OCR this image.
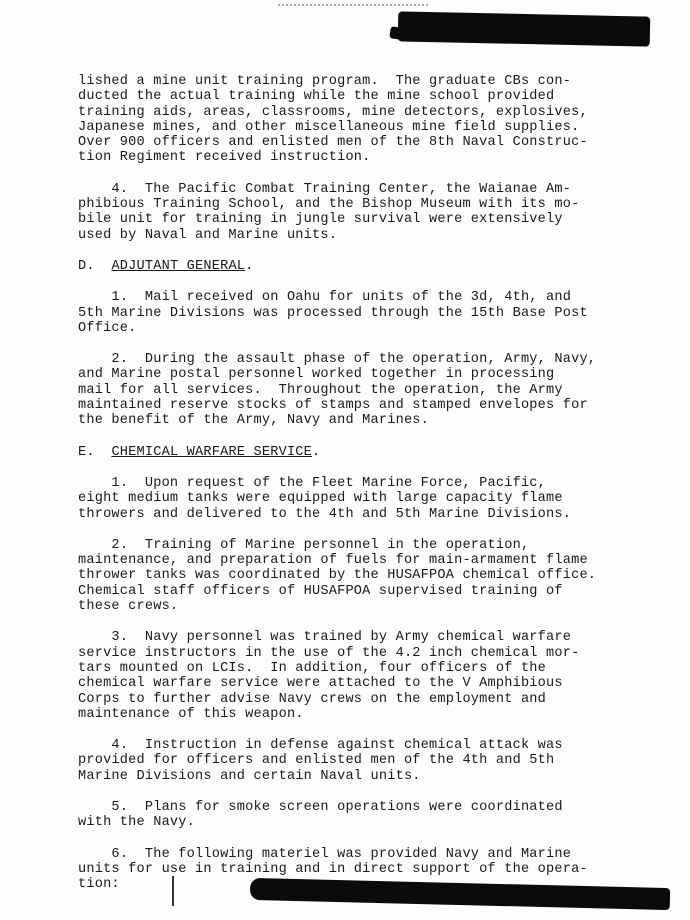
lished a mine unit training program.  The graduate CBs con-
ducted the actual training while the mine school provided
training aids, areas, classrooms, mine detectors, explosives,
Japanese mines, and other miscellaneous mine field supplies.
Over 900 officers and enlisted men of the 8th Naval Construc-
tion Regiment received instruction.
4.  The Pacific Combat Training Center, the Waianae Am-
phibious Training School, and the Bishop Museum with its mo-
bile unit for training in jungle survival were extensively
used by Naval and Marine units.
D. ADJUTANT GENERAL.
1.  Mail received on Oahu for units of the 3d, 4th, and
5th Marine Divisions was processed through the 15th Base Post
Office.
2.  During the assault phase of the operation, Army, Navy,
and Marine postal personnel worked together in processing
mail for all services.  Throughout the operation, the Army
maintained reserve stocks of stamps and stamped envelopes for
the benefit of the Army, Navy and Marines.
E. CHEMICAL WARFARE SERVICE.
1.  Upon request of the Fleet Marine Force, Pacific,
eight medium tanks were equipped with large capacity flame
throwers and delivered to the 4th and 5th Marine Divisions.
2.  Training of Marine personnel in the operation,
maintenance, and preparation of fuels for main-armament flame
thrower tanks was coordinated by the HUSAFPOA chemical office.
Chemical staff officers of HUSAFPOA supervised training of
these crews.
3.  Navy personnel was trained by Army chemical warfare
service instructors in the use of the 4.2 inch chemical mor-
tars mounted on LCIs.  In addition, four officers of the
chemical warfare service were attached to the V Amphibious
Corps to further advise Navy crews on the employment and
maintenance of this weapon.
4.  Instruction in defense against chemical attack was
provided for officers and enlisted men of the 4th and 5th
Marine Divisions and certain Naval units.
5.  Plans for smoke screen operations were coordinated
with the Navy.
6.  The following materiel was provided Navy and Marine
units for use in training and in direct support of the opera-
tion:
